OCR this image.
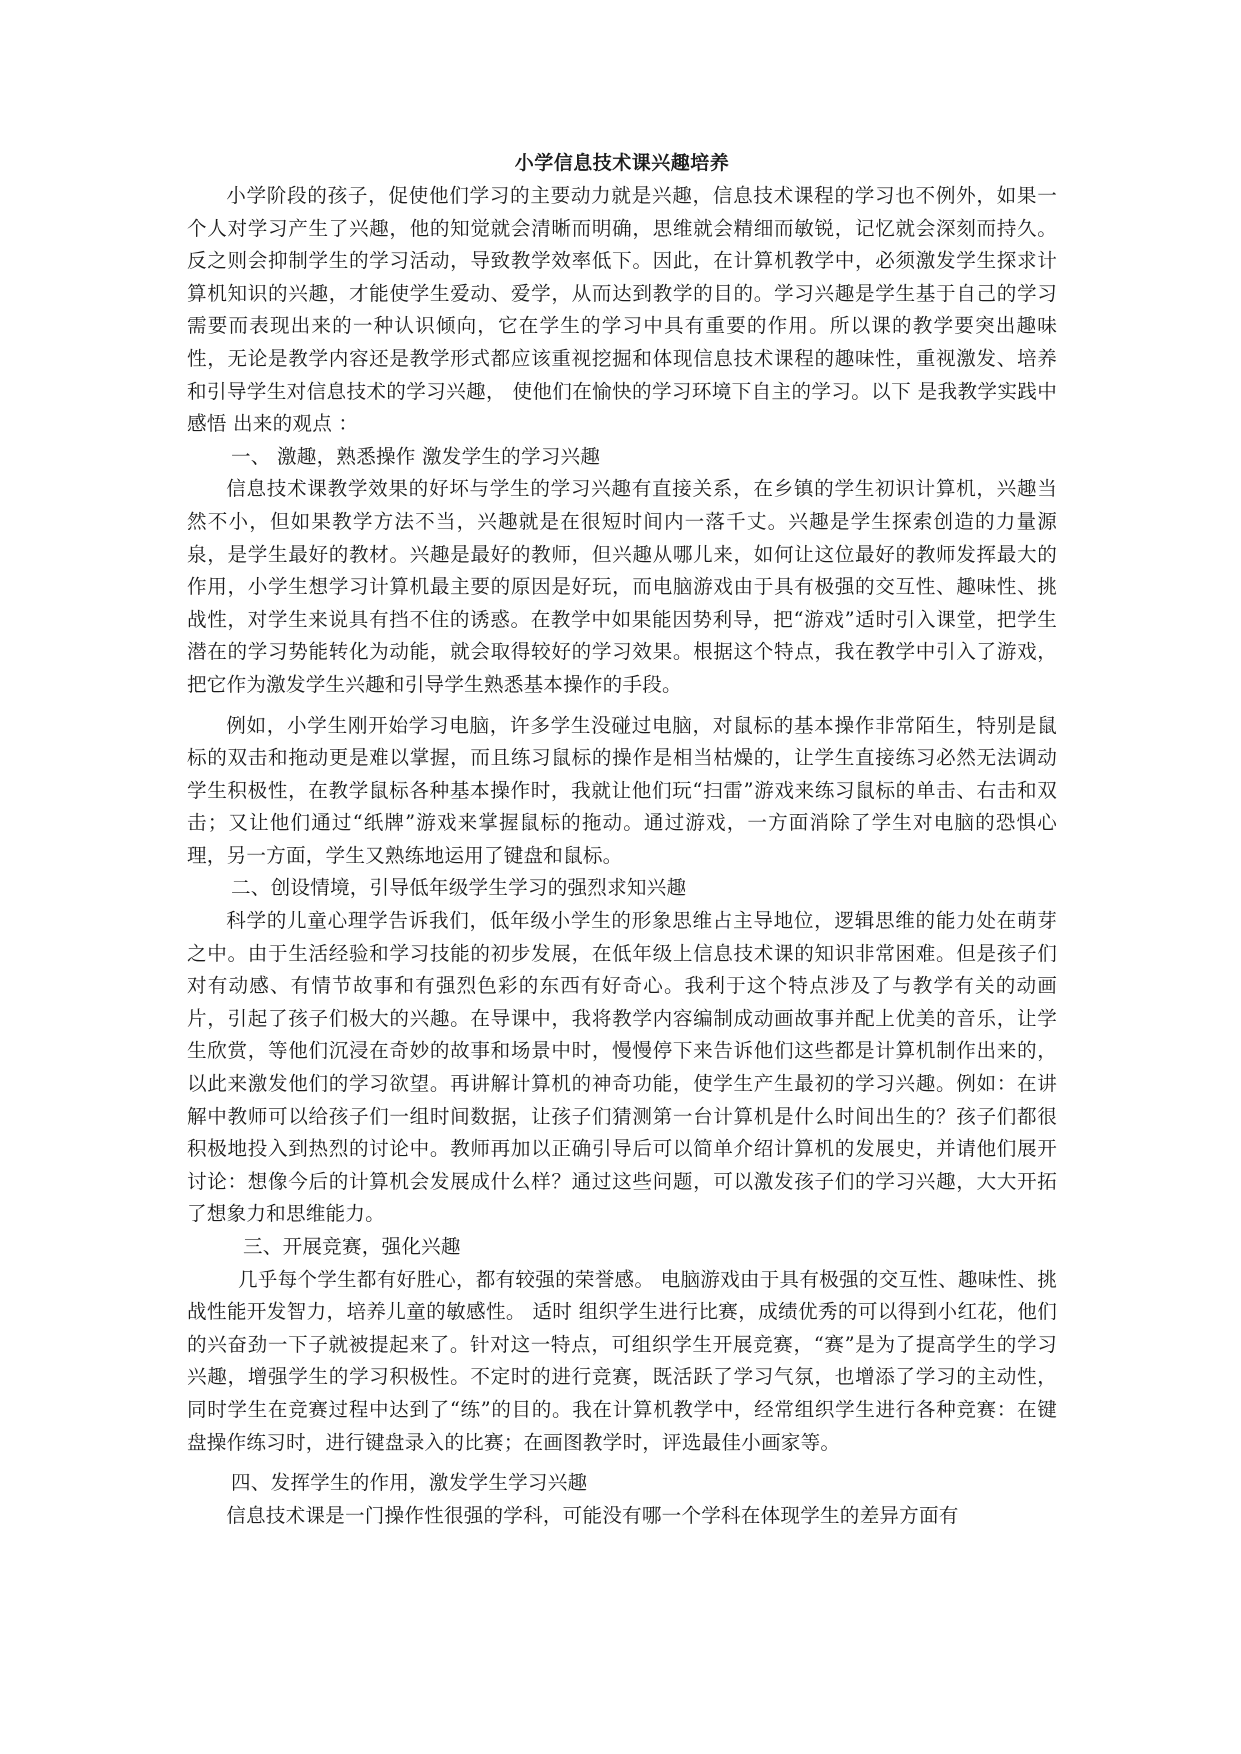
小学信息技术课兴趣培养

小学阶段的孩子，促使他们学习的主要动力就是兴趣，信息技术课程的学习也不例外，如果一个人对学习产生了兴趣，他的知觉就会清晰而明确，思维就会精细而敏锐，记忆就会深刻而持久。反之则会抑制学生的学习活动，导致教学效率低下。因此，在计算机教学中，必须激发学生探求计算机知识的兴趣，才能使学生爱动、爱学，从而达到教学的目的。学习兴趣是学生基于自己的学习需要而表现出来的一种认识倾向，它在学生的学习中具有重要的作用。所以课的教学要突出趣味性，无论是教学内容还是教学形式都应该重视挖掘和体现信息技术课程的趣味性，重视激发、培养和引导学生对信息技术的学习兴趣， 使他们在愉快的学习环境下自主的学习。以下 是我教学实践中 感悟 出来的观点 ：

一、 激趣，熟悉操作 激发学生的学习兴趣

信息技术课教学效果的好坏与学生的学习兴趣有直接关系，在乡镇的学生初识计算机，兴趣当然不小，但如果教学方法不当，兴趣就是在很短时间内一落千丈。兴趣是学生探索创造的力量源泉，是学生最好的教材。兴趣是最好的教师，但兴趣从哪儿来，如何让这位最好的教师发挥最大的作用，小学生想学习计算机最主要的原因是好玩，而电脑游戏由于具有极强的交互性、趣味性、挑战性，对学生来说具有挡不住的诱惑。在教学中如果能因势利导，把“游戏”适时引入课堂，把学生潜在的学习势能转化为动能，就会取得较好的学习效果。根据这个特点，我在教学中引入了游戏，把它作为激发学生兴趣和引导学生熟悉基本操作的手段。

例如，小学生刚开始学习电脑，许多学生没碰过电脑，对鼠标的基本操作非常陌生，特别是鼠标的双击和拖动更是难以掌握，而且练习鼠标的操作是相当枯燥的，让学生直接练习必然无法调动学生积极性，在教学鼠标各种基本操作时，我就让他们玩“扫雷”游戏来练习鼠标的单击、右击和双击；又让他们通过“纸牌”游戏来掌握鼠标的拖动。通过游戏，一方面消除了学生对电脑的恐惧心理，另一方面，学生又熟练地运用了键盘和鼠标。

二、创设情境，引导低年级学生学习的强烈求知兴趣

科学的儿童心理学告诉我们，低年级小学生的形象思维占主导地位，逻辑思维的能力处在萌芽之中。由于生活经验和学习技能的初步发展，在低年级上信息技术课的知识非常困难。但是孩子们对有动感、有情节故事和有强烈色彩的东西有好奇心。我利于这个特点涉及了与教学有关的动画片，引起了孩子们极大的兴趣。在导课中，我将教学内容编制成动画故事并配上优美的音乐，让学生欣赏，等他们沉浸在奇妙的故事和场景中时，慢慢停下来告诉他们这些都是计算机制作出来的，以此来激发他们的学习欲望。再讲解计算机的神奇功能，使学生产生最初的学习兴趣。例如：在讲解中教师可以给孩子们一组时间数据，让孩子们猜测第一台计算机是什么时间出生的？孩子们都很积极地投入到热烈的讨论中。教师再加以正确引导后可以简单介绍计算机的发展史，并请他们展开讨论：想像今后的计算机会发展成什么样？通过这些问题，可以激发孩子们的学习兴趣，大大开拓了想象力和思维能力。

三、开展竞赛，强化兴趣

几乎每个学生都有好胜心，都有较强的荣誉感。 电脑游戏由于具有极强的交互性、趣味性、挑战性能开发智力，培养儿童的敏感性。 适时 组织学生进行比赛，成绩优秀的可以得到小红花，他们的兴奋劲一下子就被提起来了。针对这一特点，可组织学生开展竞赛，“赛”是为了提高学生的学习兴趣，增强学生的学习积极性。不定时的进行竞赛，既活跃了学习气氛，也增添了学习的主动性，同时学生在竞赛过程中达到了“练”的目的。我在计算机教学中，经常组织学生进行各种竞赛：在键盘操作练习时，进行键盘录入的比赛；在画图教学时，评选最佳小画家等。

四、发挥学生的作用，激发学生学习兴趣

信息技术课是一门操作性很强的学科，可能没有哪一个学科在体现学生的差异方面有
